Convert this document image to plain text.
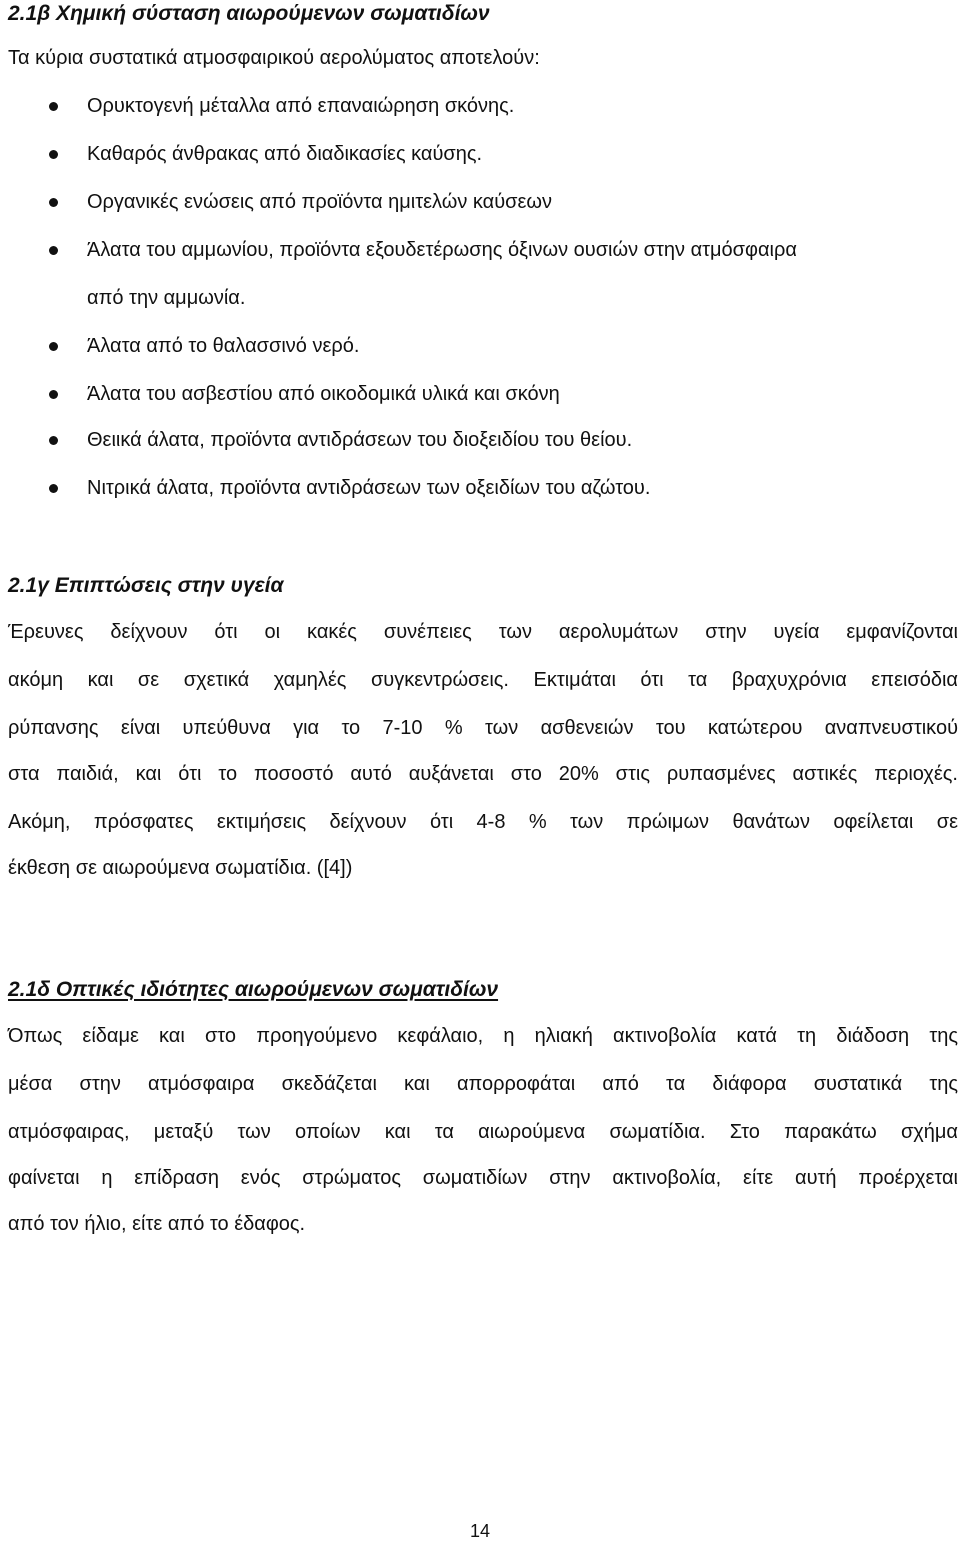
2.1β Χημική σύσταση αιωρούμενων σωματιδίων
Τα κύρια συστατικά ατμοσφαιρικού αερολύματος αποτελούν:
Ορυκτογενή μέταλλα από επαναιώρηση σκόνης.
Καθαρός άνθρακας από διαδικασίες καύσης.
Οργανικές ενώσεις από προϊόντα ημιτελών καύσεων
Άλατα του αμμωνίου, προϊόντα εξουδετέρωσης όξινων ουσιών στην ατμόσφαιρα
από την αμμωνία.
Άλατα από το θαλασσινό νερό.
Άλατα του ασβεστίου από οικοδομικά υλικά και σκόνη
Θειικά άλατα, προϊόντα αντιδράσεων του διοξειδίου του θείου.
Νιτρικά άλατα, προϊόντα αντιδράσεων των οξειδίων του αζώτου.
2.1γ Επιπτώσεις στην υγεία
Έρευνες δείχνουν ότι οι κακές συνέπειες των αερολυμάτων στην υγεία εμφανίζονται
ακόμη και σε σχετικά χαμηλές συγκεντρώσεις. Εκτιμάται ότι τα βραχυχρόνια επεισόδια
ρύπανσης είναι υπεύθυνα για το 7-10 % των ασθενειών του κατώτερου αναπνευστικού
στα παιδιά, και ότι το ποσοστό αυτό αυξάνεται στο 20% στις ρυπασμένες αστικές περιοχές.
Ακόμη, πρόσφατες εκτιμήσεις δείχνουν ότι 4-8 % των πρώιμων θανάτων οφείλεται σε
έκθεση σε αιωρούμενα σωματίδια. ([4])
2.1δ Οπτικές ιδιότητες αιωρούμενων σωματιδίων
Όπως είδαμε και στο προηγούμενο κεφάλαιο, η ηλιακή ακτινοβολία κατά τη διάδοση της
μέσα στην ατμόσφαιρα σκεδάζεται και απορροφάται από τα διάφορα συστατικά της
ατμόσφαιρας, μεταξύ των οποίων και τα αιωρούμενα σωματίδια. Στο παρακάτω σχήμα
φαίνεται η επίδραση ενός στρώματος σωματιδίων στην ακτινοβολία, είτε αυτή προέρχεται
από τον ήλιο, είτε από το έδαφος.
14
